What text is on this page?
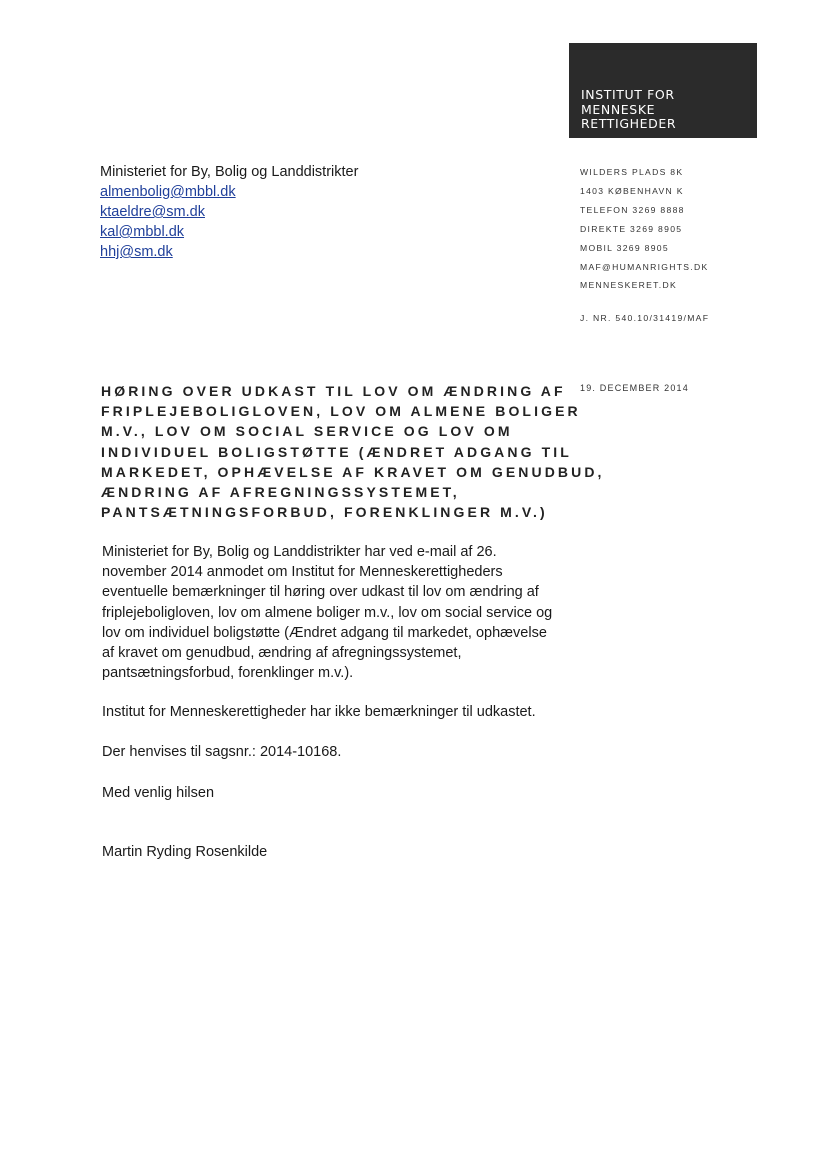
INSTITUT FOR
MENNESKE
RETTIGHEDER
Ministeriet for By, Bolig og Landdistrikter
almenbolig@mbbl.dk
ktaeldre@sm.dk
kal@mbbl.dk
hhj@sm.dk
WILDERS PLADS 8K
1403 KØBENHAVN K
TELEFON 3269 8888
DIREKTE 3269 8905
MOBIL 3269 8905
MAF@HUMANRIGHTS.DK
MENNESKERET.DK
J. NR. 540.10/31419/MAF
19. DECEMBER 2014
HØRING OVER UDKAST TIL LOV OM ÆNDRING AF
FRIPLEJEBOLIGLOVEN, LOV OM ALMENE BOLIGER
M.V., LOV OM SOCIAL SERVICE OG LOV OM
INDIVIDUEL BOLIGSTØTTE (ÆNDRET ADGANG TIL
MARKEDET, OPHÆVELSE AF KRAVET OM GENUDBUD,
ÆNDRING AF AFREGNINGSSYSTEMET,
PANTSÆTNINGSFORBUD, FORENKLINGER M.V.)
Ministeriet for By, Bolig og Landdistrikter har ved e-mail af 26.
november 2014 anmodet om Institut for Menneskerettigheders
eventuelle bemærkninger til høring over udkast til lov om ændring af
friplejeboligloven, lov om almene boliger m.v., lov om social service og
lov om individuel boligstøtte (Ændret adgang til markedet, ophævelse
af kravet om genudbud, ændring af afregningssystemet,
pantsætningsforbud, forenklinger m.v.).
Institut for Menneskerettigheder har ikke bemærkninger til udkastet.
Der henvises til sagsnr.: 2014-10168.
Med venlig hilsen
Martin Ryding Rosenkilde
